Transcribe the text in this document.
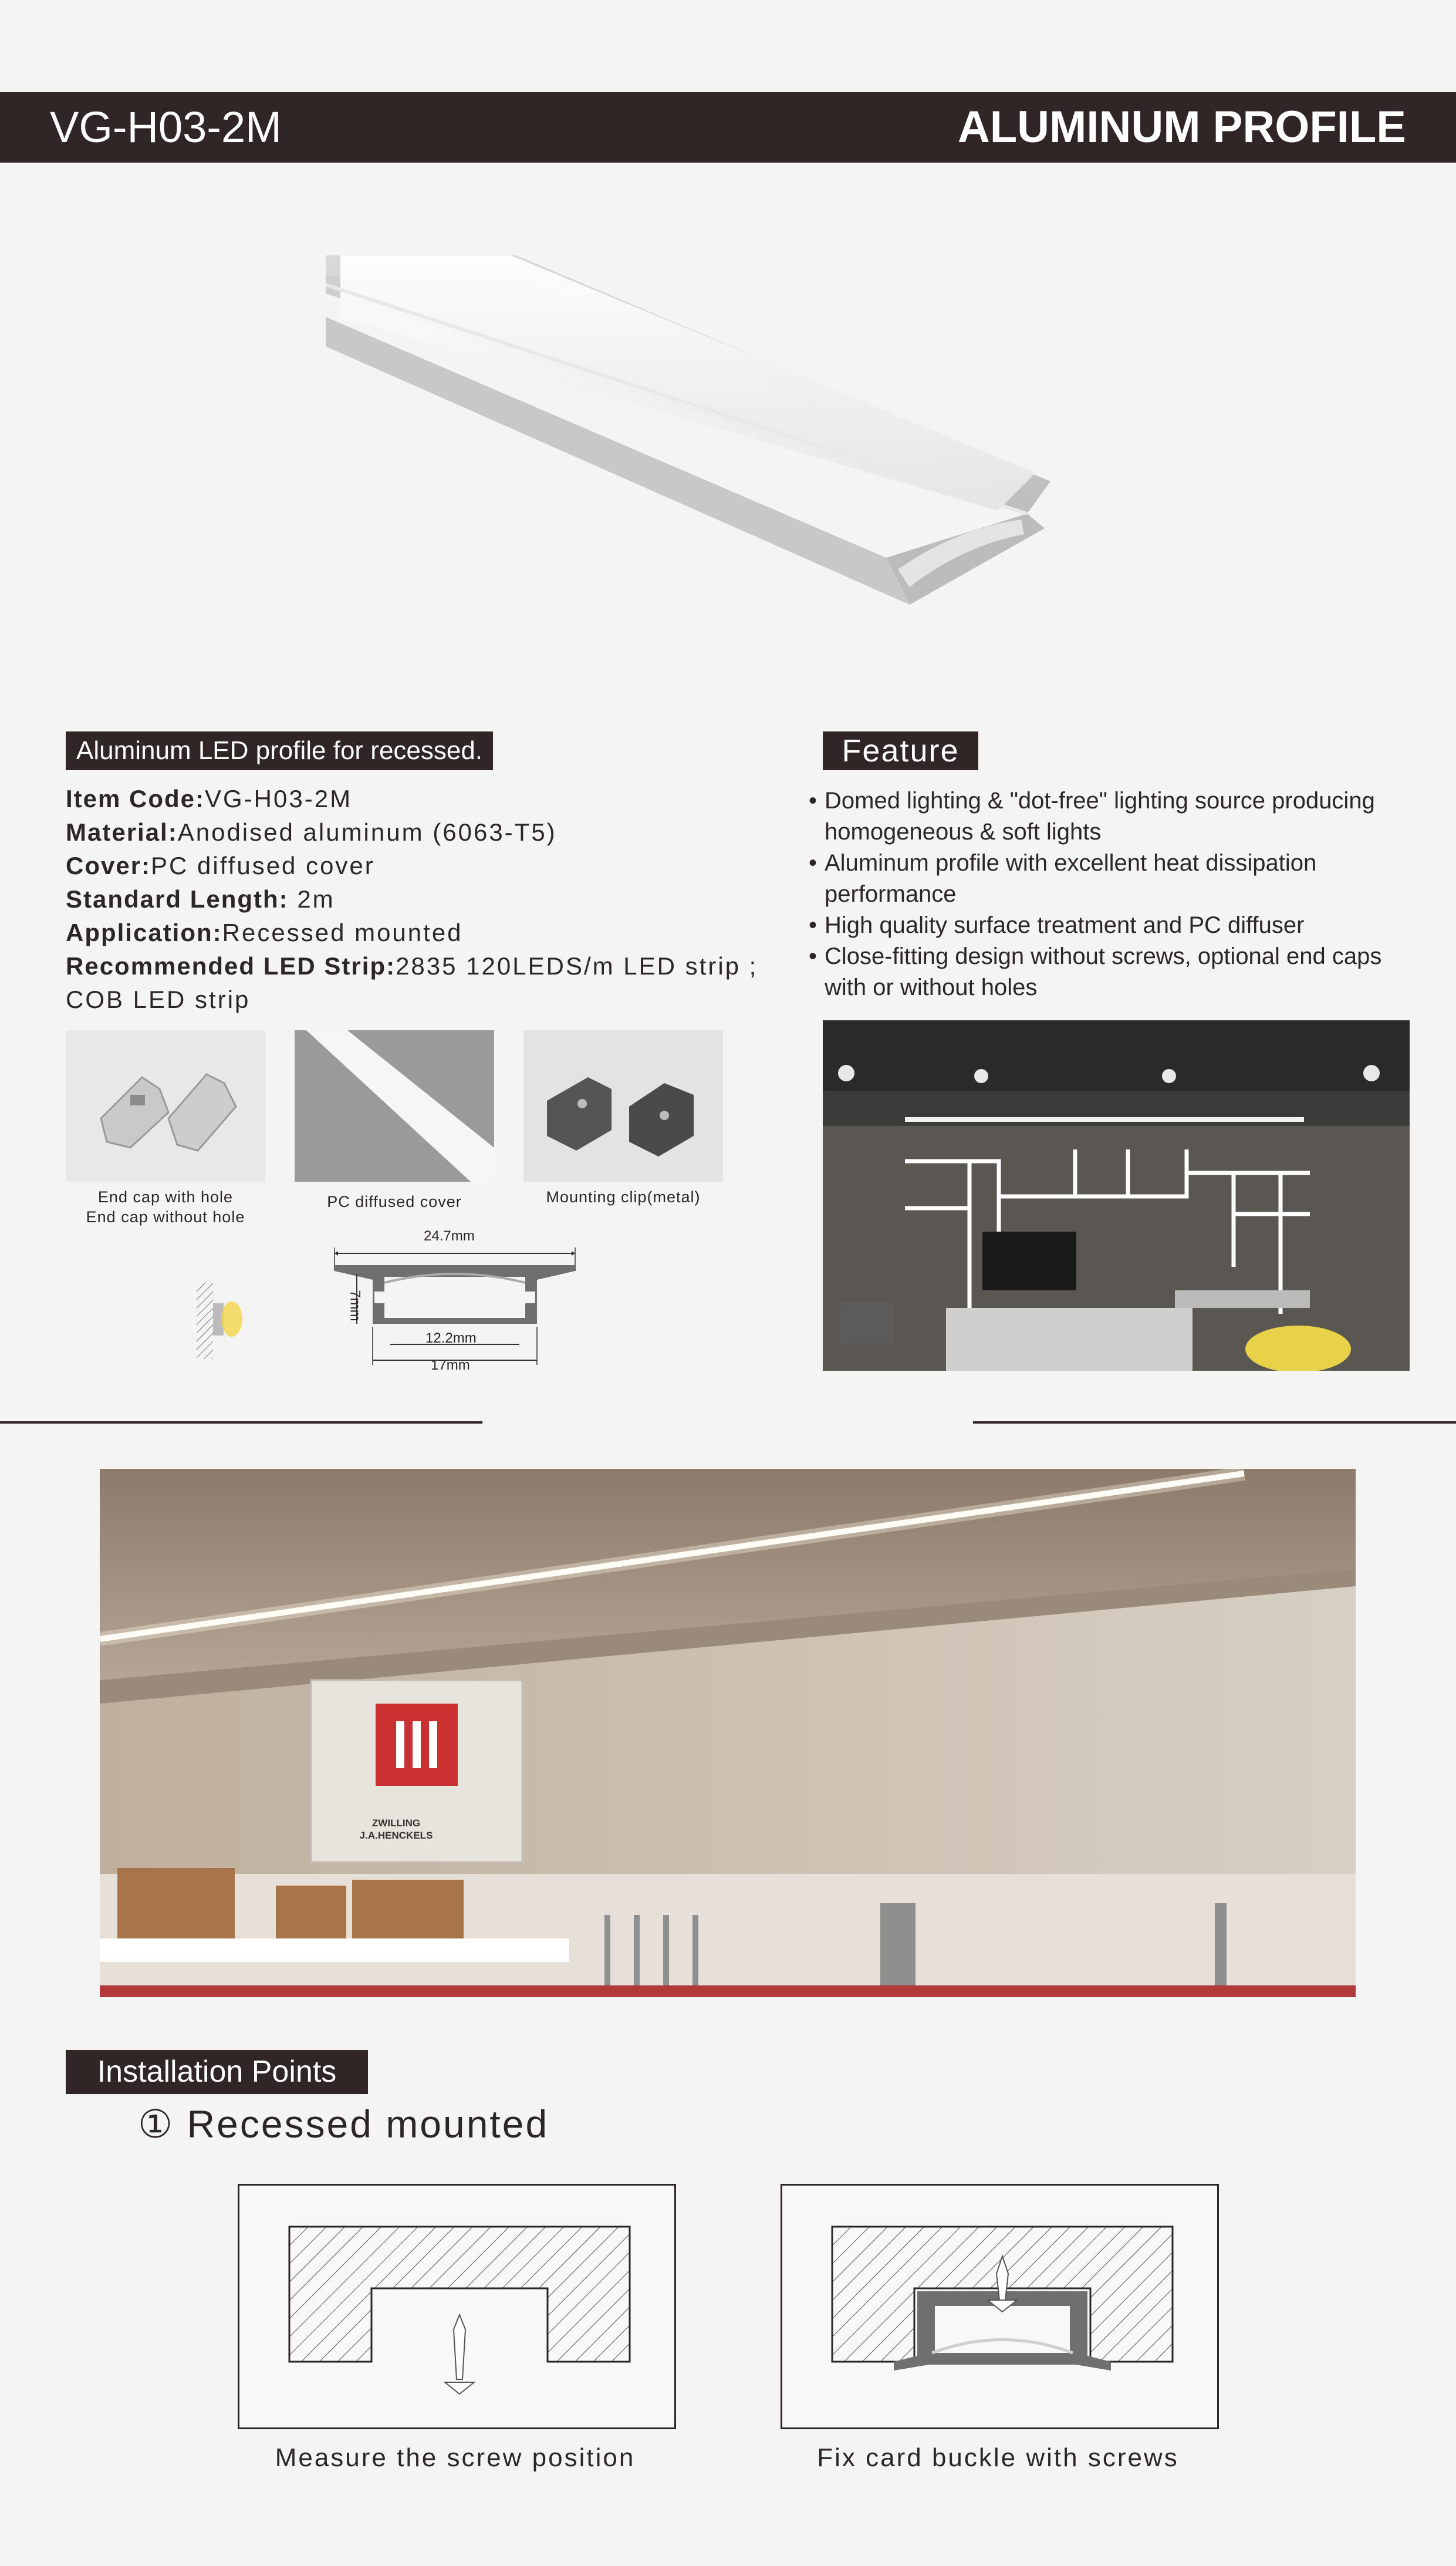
VG-H03-2M	ALUMINUM PROFILE
Aluminum LED profile for recessed.
Item Code:VG-H03-2M
Material:Anodised aluminum (6063-T5)
Cover:PC diffused cover
Standard Length: 2m
Application:Recessed mounted
Recommended LED Strip:2835 120LEDS/m LED strip ;
COB LED strip
End cap with hole
End cap without hole
PC diffused cover	Mounting clip(metal)
24.7mm
7mm
12.2mm
17mm
Feature
• Domed lighting & "dot-free" lighting source producing homogeneous & soft lights
• Aluminum profile with excellent heat dissipation performance
• High quality surface treatment and PC diffuser
• Close-fitting design without screws, optional end caps with or without holes
ZWILLING
J.A.HENCKELS
Installation Points
① Recessed mounted
Measure the screw position	Fix card buckle with screws
